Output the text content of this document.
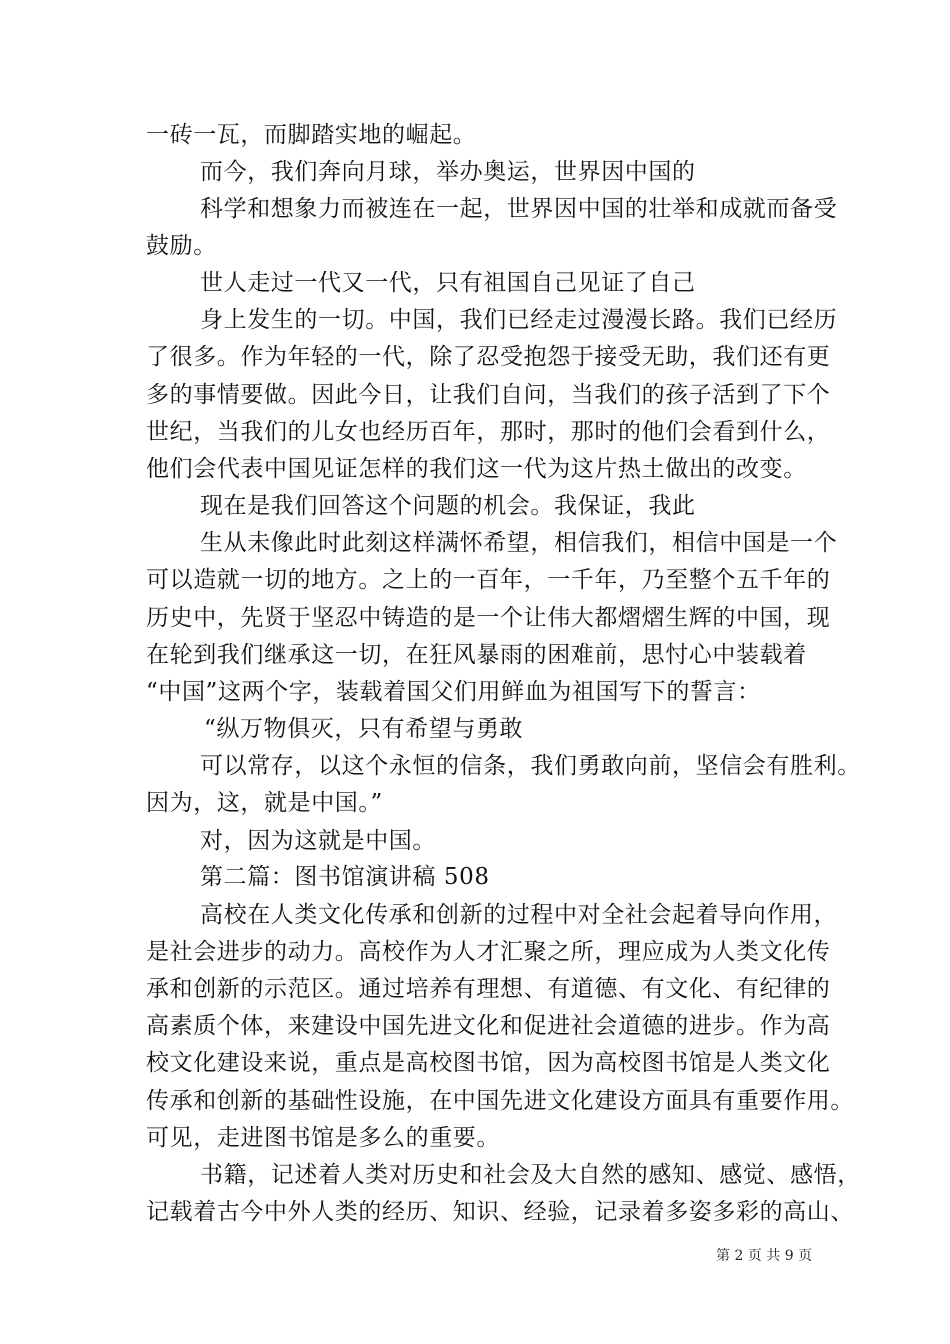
一砖一瓦，而脚踏实地的崛起。
而今，我们奔向月球，举办奥运，世界因中国的
科学和想象力而被连在一起，世界因中国的壮举和成就而备受
鼓励。
世人走过一代又一代，只有祖国自己见证了自己
身上发生的一切。中国，我们已经走过漫漫长路。我们已经历
了很多。作为年轻的一代，除了忍受抱怨于接受无助，我们还有更
多的事情要做。因此今日，让我们自问，当我们的孩子活到了下个
世纪，当我们的儿女也经历百年，那时，那时的他们会看到什么，
他们会代表中国见证怎样的我们这一代为这片热土做出的改变。
现在是我们回答这个问题的机会。我保证，我此
生从未像此时此刻这样满怀希望，相信我们，相信中国是一个
可以造就一切的地方。之上的一百年，一千年，乃至整个五千年的
历史中，先贤于坚忍中铸造的是一个让伟大都熠熠生辉的中国，现
在轮到我们继承这一切，在狂风暴雨的困难前，思忖心中装载着
“中国”这两个字，装载着国父们用鲜血为祖国写下的誓言：
“纵万物俱灭，只有希望与勇敢
可以常存，以这个永恒的信条，我们勇敢向前，坚信会有胜利。
因为，这，就是中国。”
对，因为这就是中国。
第二篇：图书馆演讲稿 508
高校在人类文化传承和创新的过程中对全社会起着导向作用，
是社会进步的动力。高校作为人才汇聚之所，理应成为人类文化传
承和创新的示范区。通过培养有理想、有道德、有文化、有纪律的
高素质个体，来建设中国先进文化和促进社会道德的进步。作为高
校文化建设来说，重点是高校图书馆，因为高校图书馆是人类文化
传承和创新的基础性设施，在中国先进文化建设方面具有重要作用。
可见，走进图书馆是多么的重要。
书籍，记述着人类对历史和社会及大自然的感知、感觉、感悟，
记载着古今中外人类的经历、知识、经验，记录着多姿多彩的高山、
第 2 页 共 9 页
